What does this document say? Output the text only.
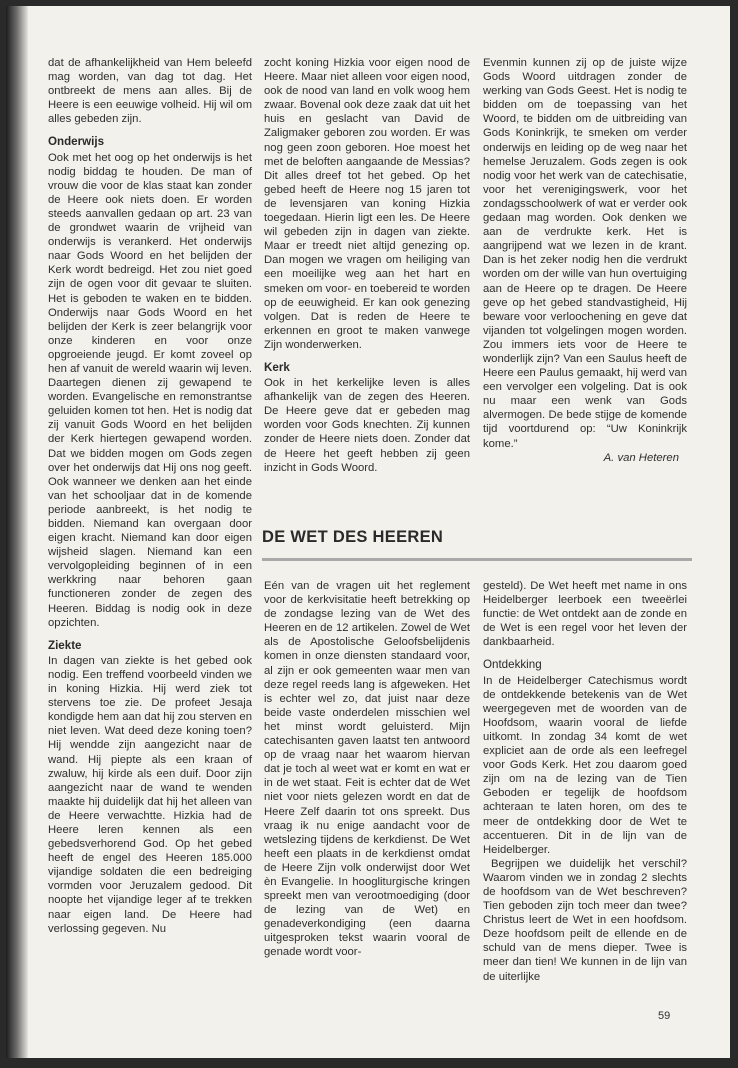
dat de afhankelijkheid van Hem beleefd mag worden, van dag tot dag. Het ontbreekt de mens aan alles. Bij de Heere is een eeuwige volheid. Hij wil om alles gebeden zijn.

Onderwijs

Ook met het oog op het onderwijs is het nodig biddag te houden. De man of vrouw die voor de klas staat kan zonder de Heere ook niets doen. Er worden steeds aanvallen gedaan op art. 23 van de grondwet waarin de vrijheid van onderwijs is verankerd. Het onderwijs naar Gods Woord en het belijden der Kerk wordt bedreigd. Het zou niet goed zijn de ogen voor dit gevaar te sluiten. Het is geboden te waken en te bidden. Onderwijs naar Gods Woord en het belijden der Kerk is zeer belangrijk voor onze kinderen en voor onze opgroeiende jeugd. Er komt zoveel op hen af vanuit de wereld waarin wij leven. Daartegen dienen zij gewapend te worden. Evangelische en remonstrantse geluiden komen tot hen. Het is nodig dat zij vanuit Gods Woord en het belijden der Kerk hiertegen gewapend worden. Dat we bidden mogen om Gods zegen over het onderwijs dat Hij ons nog geeft. Ook wanneer we denken aan het einde van het schooljaar dat in de komende periode aanbreekt, is het nodig te bidden. Niemand kan overgaan door eigen kracht. Niemand kan door eigen wijsheid slagen. Niemand kan een vervolgopleiding beginnen of in een werkkring naar behoren gaan functioneren zonder de zegen des Heeren. Biddag is nodig ook in deze opzichten.

Ziekte

In dagen van ziekte is het gebed ook nodig. Een treffend voorbeeld vinden we in koning Hizkia. Hij werd ziek tot stervens toe zie. De profeet Jesaja kondigde hem aan dat hij zou sterven en niet leven. Wat deed deze koning toen? Hij wendde zijn aangezicht naar de wand. Hij piepte als een kraan of zwaluw, hij kirde als een duif. Door zijn aangezicht naar de wand te wenden maakte hij duidelijk dat hij het alleen van de Heere verwachtte. Hizkia had de Heere leren kennen als een gebedsverhorend God. Op het gebed heeft de engel des Heeren 185.000 vijandige soldaten die een bedreiging vormden voor Jeruzalem gedood. Dit noopte het vijandige leger af te trekken naar eigen land. De Heere had verlossing gegeven. Nu

zocht koning Hizkia voor eigen nood de Heere. Maar niet alleen voor eigen nood, ook de nood van land en volk woog hem zwaar. Bovenal ook deze zaak dat uit het huis en geslacht van David de Zaligmaker geboren zou worden. Er was nog geen zoon geboren. Hoe moest het met de beloften aangaande de Messias? Dit alles dreef tot het gebed. Op het gebed heeft de Heere nog 15 jaren tot de levensjaren van koning Hizkia toegedaan. Hierin ligt een les. De Heere wil gebeden zijn in dagen van ziekte. Maar er treedt niet altijd genezing op. Dan mogen we vragen om heiliging van een moeilijke weg aan het hart en smeken om voor- en toebereid te worden op de eeuwigheid. Er kan ook genezing volgen. Dat is reden de Heere te erkennen en groot te maken vanwege Zijn wonderwerken.

Kerk

Ook in het kerkelijke leven is alles afhankelijk van de zegen des Heeren. De Heere geve dat er gebeden mag worden voor Gods knechten. Zij kunnen zonder de Heere niets doen. Zonder dat de Heere het geeft hebben zij geen inzicht in Gods Woord.

Evenmin kunnen zij op de juiste wijze Gods Woord uitdragen zonder de werking van Gods Geest. Het is nodig te bidden om de toepassing van het Woord, te bidden om de uitbreiding van Gods Koninkrijk, te smeken om verder onderwijs en leiding op de weg naar het hemelse Jeruzalem. Gods zegen is ook nodig voor het werk van de catechisatie, voor het verenigingswerk, voor het zondagsschoolwerk of wat er verder ook gedaan mag worden. Ook denken we aan de verdrukte kerk. Het is aangrijpend wat we lezen in de krant. Dan is het zeker nodig hen die verdrukt worden om der wille van hun overtuiging aan de Heere op te dragen. De Heere geve op het gebed standvastigheid, Hij beware voor verloochening en geve dat vijanden tot volgelingen mogen worden. Zou immers iets voor de Heere te wonderlijk zijn? Van een Saulus heeft de Heere een Paulus gemaakt, hij werd van een vervolger een volgeling. Dat is ook nu maar een wenk van Gods alvermogen. De bede stijge de komende tijd voortdurend op: “Uw Koninkrijk kome.”

A. van Heteren

DE WET DES HEEREN

Eén van de vragen uit het reglement voor de kerkvisitatie heeft betrekking op de zondagse lezing van de Wet des Heeren en de 12 artikelen. Zowel de Wet als de Apostolische Geloofsbelijdenis komen in onze diensten standaard voor, al zijn er ook gemeenten waar men van deze regel reeds lang is afgeweken. Het is echter wel zo, dat juist naar deze beide vaste onderdelen misschien wel het minst wordt geluisterd. Mijn catechisanten gaven laatst ten antwoord op de vraag naar het waarom hiervan dat je toch al weet wat er komt en wat er in de wet staat. Feit is echter dat de Wet niet voor niets gelezen wordt en dat de Heere Zelf daarin tot ons spreekt. Dus vraag ik nu enige aandacht voor de wetslezing tijdens de kerkdienst. De Wet heeft een plaats in de kerkdienst omdat de Heere Zijn volk onderwijst door Wet èn Evangelie. In hoogliturgische kringen spreekt men van verootmoediging (door de lezing van de Wet) en genadeverkondiging (een daarna uitgesproken tekst waarin vooral de genade wordt voor-

gesteld). De Wet heeft met name in ons Heidelberger leerboek een tweeërlei functie: de Wet ontdekt aan de zonde en de Wet is een regel voor het leven der dankbaarheid.

Ontdekking

In de Heidelberger Catechismus wordt de ontdekkende betekenis van de Wet weergegeven met de woorden van de Hoofdsom, waarin vooral de liefde uitkomt. In zondag 34 komt de wet expliciet aan de orde als een leefregel voor Gods Kerk. Het zou daarom goed zijn om na de lezing van de Tien Geboden er tegelijk de hoofdsom achteraan te laten horen, om des te meer de ontdekking door de Wet te accentueren. Dit in de lijn van de Heidelberger.

Begrijpen we duidelijk het verschil? Waarom vinden we in zondag 2 slechts de hoofdsom van de Wet beschreven? Tien geboden zijn toch meer dan twee? Christus leert de Wet in een hoofdsom. Deze hoofdsom peilt de ellende en de schuld van de mens dieper. Twee is meer dan tien! We kunnen in de lijn van de uiterlijke

59
